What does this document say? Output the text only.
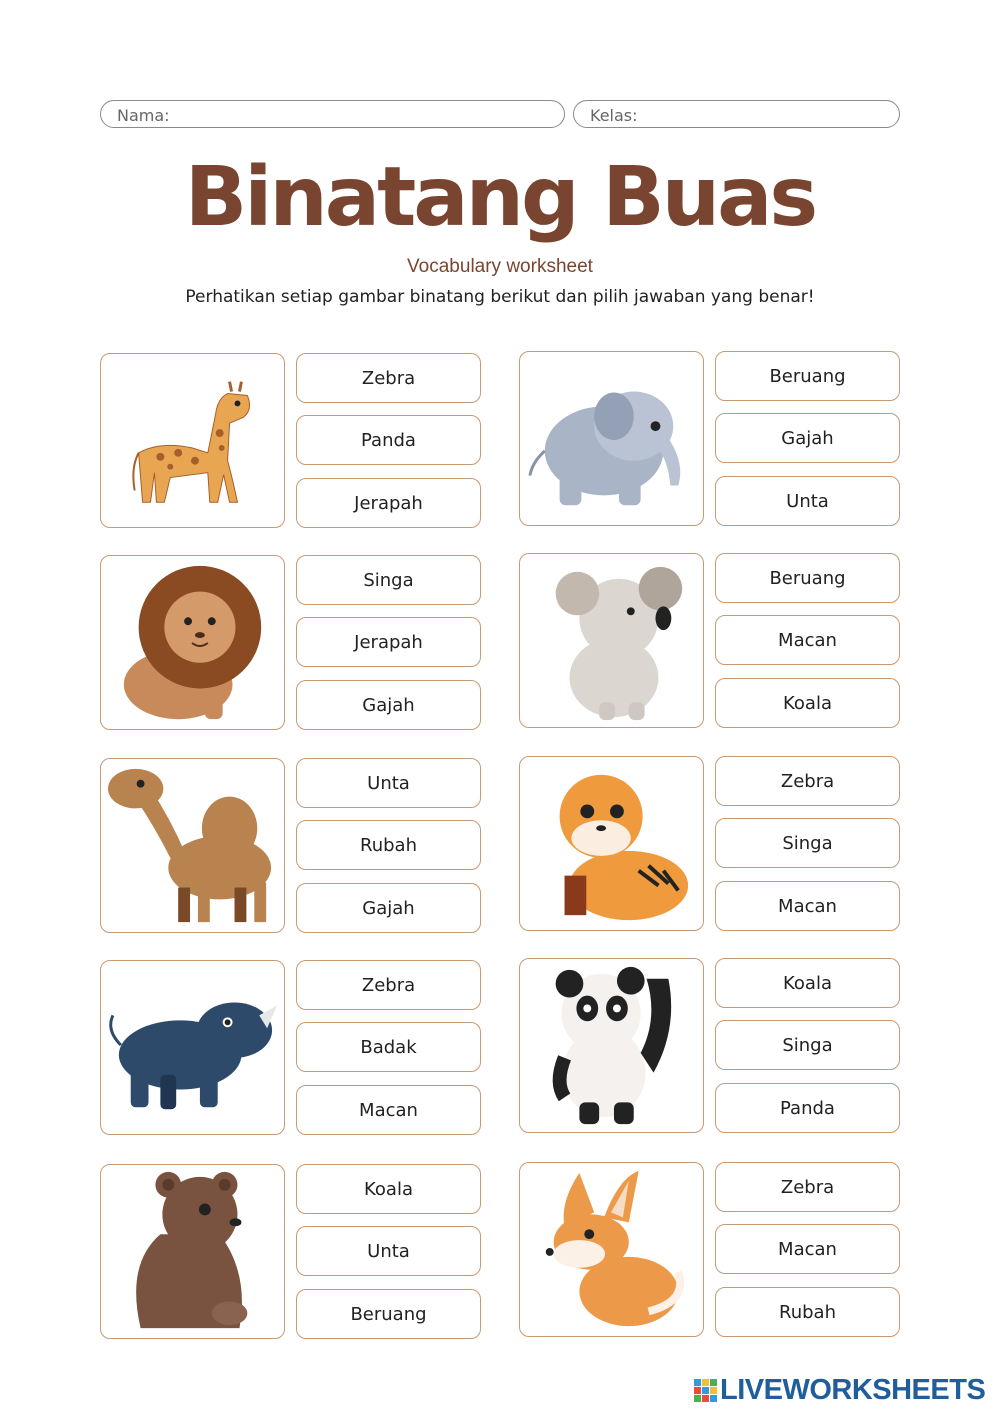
Nama:	Kelas:
Binatang Buas
Vocabulary worksheet
Perhatikan setiap gambar binatang berikut dan pilih jawaban yang benar!
Zebra
Panda
Jerapah
Beruang
Gajah
Unta
Singa
Jerapah
Gajah
Beruang
Macan
Koala
Unta
Rubah
Gajah
Zebra
Singa
Macan
Zebra
Badak
Macan
Koala
Singa
Panda
Koala
Unta
Beruang
Zebra
Macan
Rubah
LIVEWORKSHEETS
